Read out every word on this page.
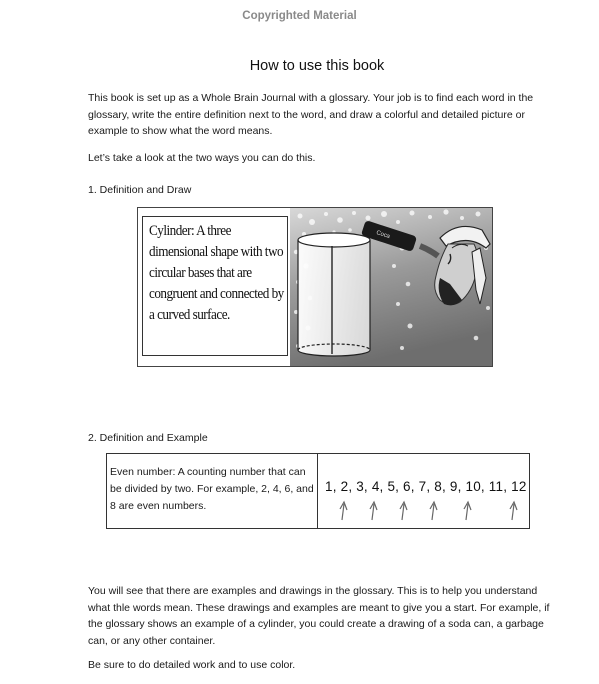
Copyrighted Material
How to use this book

This book is set up as a Whole Brain Journal with a glossary. Your job is to find each word in the glossary, write the entire definition next to the word, and draw a colorful and detailed picture or example to show what the word means.

Let’s take a look at the two ways you can do this.

1. Definition and Draw

Cylinder: A three dimensional shape with two circular bases that are congruent and connected by a curved surface.
Coca

2. Definition and Example

Even number: A counting number that can be divided by two. For example, 2, 4, 6, and 8 are even numbers.
1, 2, 3, 4, 5, 6, 7, 8, 9, 10, 11, 12

You will see that there are examples and drawings in the glossary. This is to help you understand what thle words mean. These drawings and examples are meant to give you a start. For example, if the glossary shows an example of a cylinder, you could create a drawing of a soda can, a garbage can, or any other container.

Be sure to do detailed work and to use color.
